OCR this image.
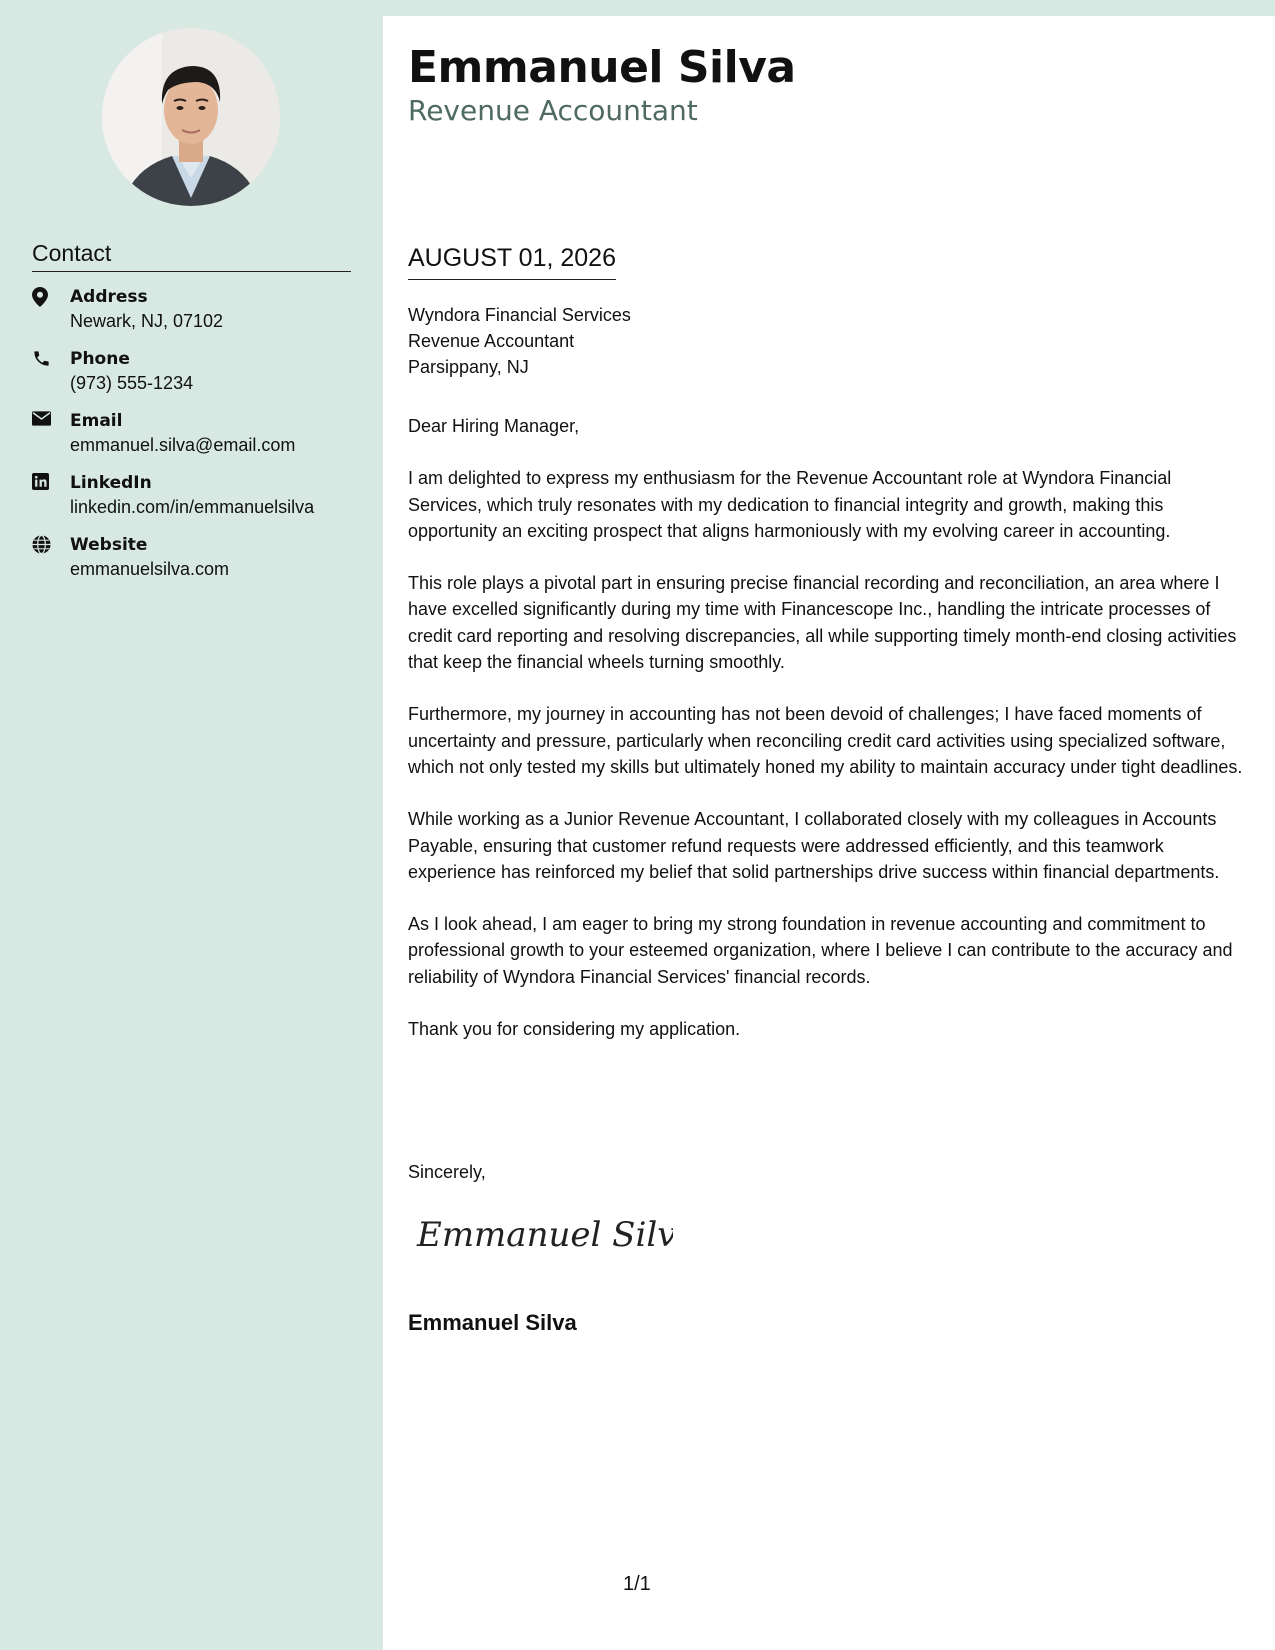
Contact
Address
Newark, NJ, 07102
Phone
(973) 555-1234
Email
emmanuel.silva@email.com
LinkedIn
linkedin.com/in/emmanuelsilva
Website
emmanuelsilva.com
Emmanuel Silva
Revenue Accountant
AUGUST 01, 2026
Wyndora Financial Services
Revenue Accountant
Parsippany, NJ

Dear Hiring Manager,

I am delighted to express my enthusiasm for the Revenue Accountant role at Wyndora Financial Services, which truly resonates with my dedication to financial integrity and growth, making this opportunity an exciting prospect that aligns harmoniously with my evolving career in accounting.

This role plays a pivotal part in ensuring precise financial recording and reconciliation, an area where I have excelled significantly during my time with Financescope Inc., handling the intricate processes of credit card reporting and resolving discrepancies, all while supporting timely month-end closing activities that keep the financial wheels turning smoothly.

Furthermore, my journey in accounting has not been devoid of challenges; I have faced moments of uncertainty and pressure, particularly when reconciling credit card activities using specialized software, which not only tested my skills but ultimately honed my ability to maintain accuracy under tight deadlines.

While working as a Junior Revenue Accountant, I collaborated closely with my colleagues in Accounts Payable, ensuring that customer refund requests were addressed efficiently, and this teamwork experience has reinforced my belief that solid partnerships drive success within financial departments.

As I look ahead, I am eager to bring my strong foundation in revenue accounting and commitment to professional growth to your esteemed organization, where I believe I can contribute to the accuracy and reliability of Wyndora Financial Services' financial records.

Thank you for considering my application.

Sincerely,
Emmanuel Silva
Emmanuel Silva
1/1
